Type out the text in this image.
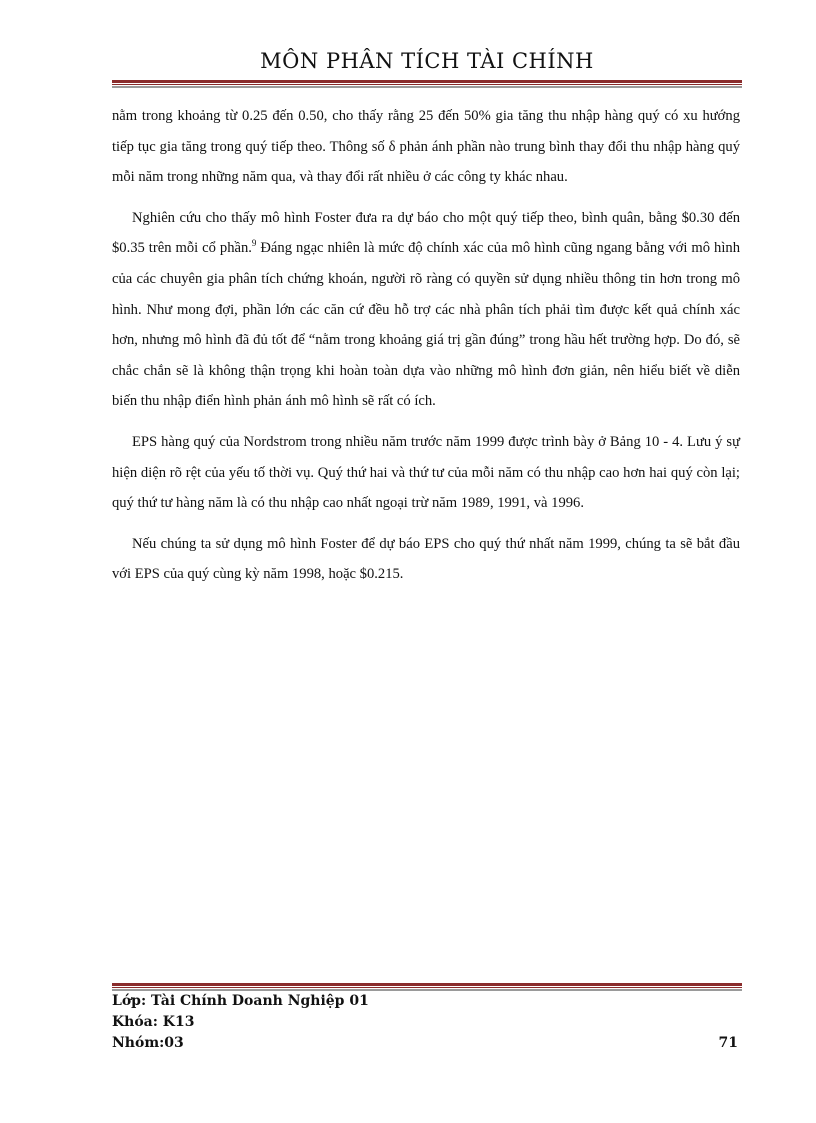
MÔN PHÂN TÍCH TÀI CHÍNH

nằm trong khoảng từ 0.25 đến 0.50, cho thấy rằng 25 đến 50% gia tăng thu nhập hàng quý có xu hướng tiếp tục gia tăng trong quý tiếp theo. Thông số δ phản ánh phần nào trung bình thay đổi thu nhập hàng quý mỗi năm trong những năm qua, và thay đổi rất nhiều ở các công ty khác nhau.

Nghiên cứu cho thấy mô hình Foster đưa ra dự báo cho một quý tiếp theo, bình quân, bằng $0.30 đến $0.35 trên mỗi cổ phần.$^9$ Đáng ngạc nhiên là mức độ chính xác của mô hình cũng ngang bằng với mô hình của các chuyên gia phân tích chứng khoán, người rõ ràng có quyền sử dụng nhiều thông tin hơn trong mô hình. Như mong đợi, phần lớn các căn cứ đều hỗ trợ các nhà phân tích phải tìm được kết quả chính xác hơn, nhưng mô hình đã đủ tốt để “nằm trong khoảng giá trị gần đúng” trong hầu hết trường hợp. Do đó, sẽ chắc chắn sẽ là không thận trọng khi hoàn toàn dựa vào những mô hình đơn giản, nên hiểu biết về diễn biến thu nhập điển hình phản ánh mô hình sẽ rất có ích.

EPS hàng quý của Nordstrom trong nhiều năm trước năm 1999 được trình bày ở Bảng 10 - 4. Lưu ý sự hiện diện rõ rệt của yếu tố thời vụ. Quý thứ hai và thứ tư của mỗi năm có thu nhập cao hơn hai quý còn lại; quý thứ tư hàng năm là có thu nhập cao nhất ngoại trừ năm 1989, 1991, và 1996.

Nếu chúng ta sử dụng mô hình Foster để dự báo EPS cho quý thứ nhất năm 1999, chúng ta sẽ bắt đầu với EPS của quý cùng kỳ năm 1998, hoặc $0.215.

Lớp: Tài Chính Doanh Nghiệp 01
Khóa: K13
Nhóm:03	71
